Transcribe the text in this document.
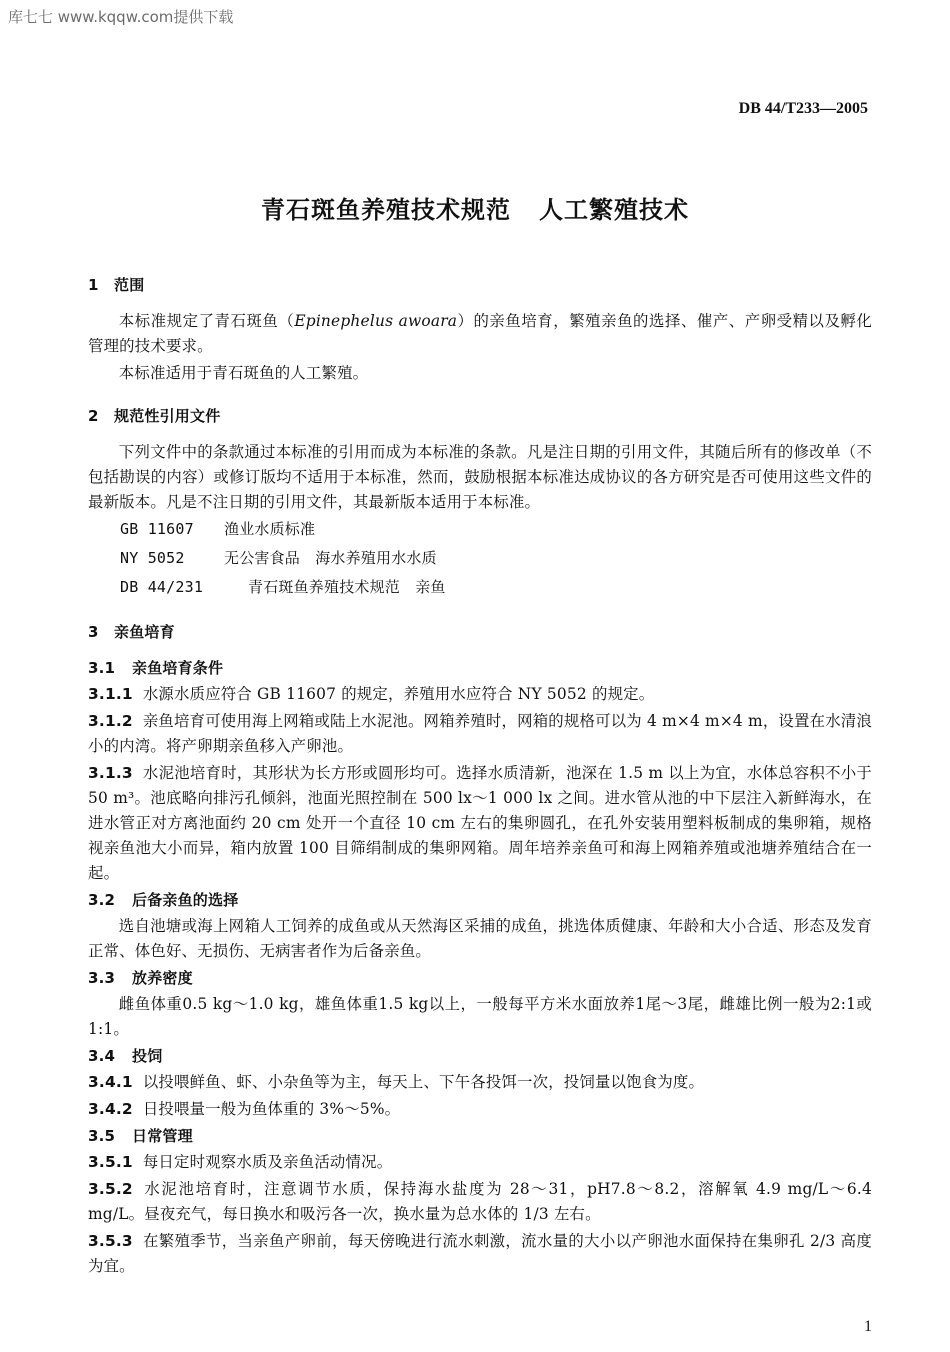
库七七 www.kqqw.com提供下载
DB 44/T233—2005
青石斑鱼养殖技术规范 人工繁殖技术
1 范围
本标准规定了青石斑鱼（Epinephelus awoara）的亲鱼培育，繁殖亲鱼的选择、催产、产卵受精以及孵化管理的技术要求。
本标准适用于青石斑鱼的人工繁殖。
2 规范性引用文件
下列文件中的条款通过本标准的引用而成为本标准的条款。凡是注日期的引用文件，其随后所有的修改单（不包括勘误的内容）或修订版均不适用于本标准，然而，鼓励根据本标准达成协议的各方研究是否可使用这些文件的最新版本。凡是不注日期的引用文件，其最新版本适用于本标准。
GB 11607 渔业水质标准
NY 5052	无公害食品　海水养殖用水水质
DB 44/231	青石斑鱼养殖技术规范　亲鱼
3 亲鱼培育
3.1 亲鱼培育条件
3.1.1 水源水质应符合 GB 11607 的规定，养殖用水应符合 NY 5052 的规定。
3.1.2 亲鱼培育可使用海上网箱或陆上水泥池。网箱养殖时，网箱的规格可以为 4 m×4 m×4 m，设置在水清浪小的内湾。将产卵期亲鱼移入产卵池。
3.1.3 水泥池培育时，其形状为长方形或圆形均可。选择水质清新，池深在 1.5 m 以上为宜，水体总容积不小于 50 m³。池底略向排污孔倾斜，池面光照控制在 500 lx～1 000 lx 之间。进水管从池的中下层注入新鲜海水，在进水管正对方离池面约 20 cm 处开一个直径 10 cm 左右的集卵圆孔，在孔外安装用塑料板制成的集卵箱，规格视亲鱼池大小而异，箱内放置 100 目筛绢制成的集卵网箱。周年培养亲鱼可和海上网箱养殖或池塘养殖结合在一起。
3.2 后备亲鱼的选择
选自池塘或海上网箱人工饲养的成鱼或从天然海区采捕的成鱼，挑选体质健康、年龄和大小合适、形态及发育正常、体色好、无损伤、无病害者作为后备亲鱼。
3.3 放养密度
雌鱼体重0.5 kg～1.0 kg，雄鱼体重1.5 kg以上，一般每平方米水面放养1尾～3尾，雌雄比例一般为2:1或1:1。
3.4 投饲
3.4.1 以投喂鲜鱼、虾、小杂鱼等为主，每天上、下午各投饵一次，投饲量以饱食为度。
3.4.2 日投喂量一般为鱼体重的 3%～5%。
3.5 日常管理
3.5.1 每日定时观察水质及亲鱼活动情况。
3.5.2 水泥池培育时，注意调节水质，保持海水盐度为 28～31，pH7.8～8.2，溶解氧 4.9 mg/L～6.4 mg/L。昼夜充气，每日换水和吸污各一次，换水量为总水体的 1/3 左右。
3.5.3 在繁殖季节，当亲鱼产卵前，每天傍晚进行流水刺激，流水量的大小以产卵池水面保持在集卵孔 2/3 高度为宜。
1
